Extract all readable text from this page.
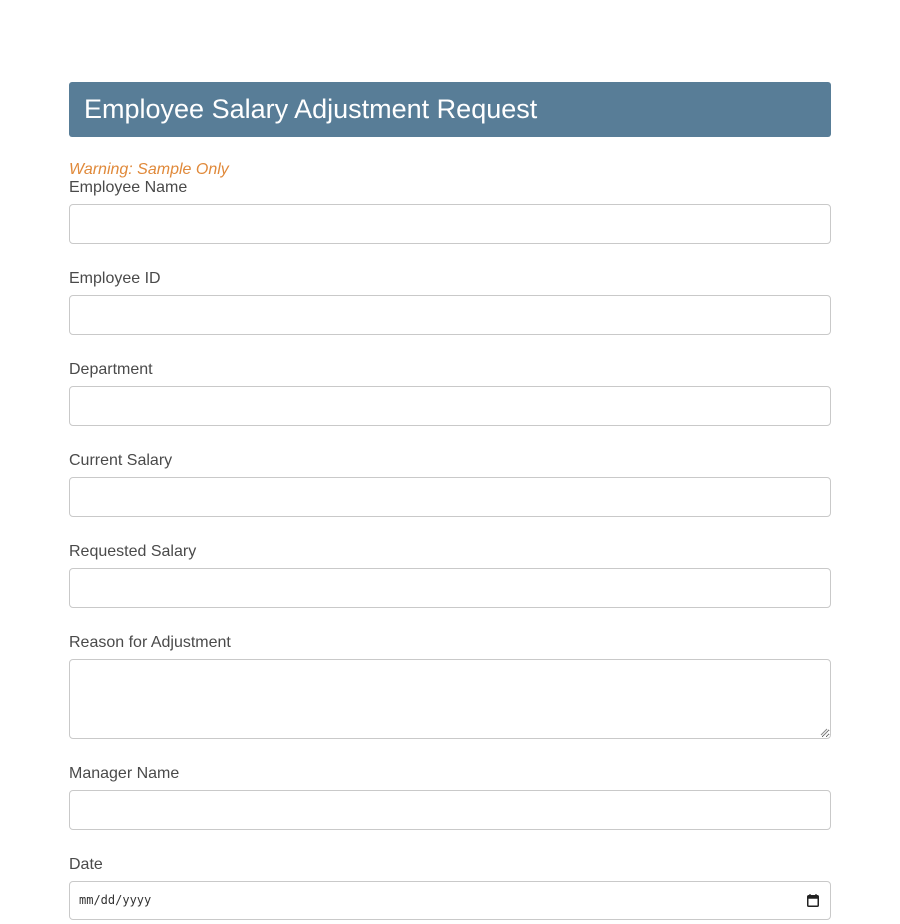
Employee Salary Adjustment Request
Warning: Sample Only
Employee Name
Employee ID
Department
Current Salary
Requested Salary
Reason for Adjustment
Manager Name
Date
mm/dd/yyyy
